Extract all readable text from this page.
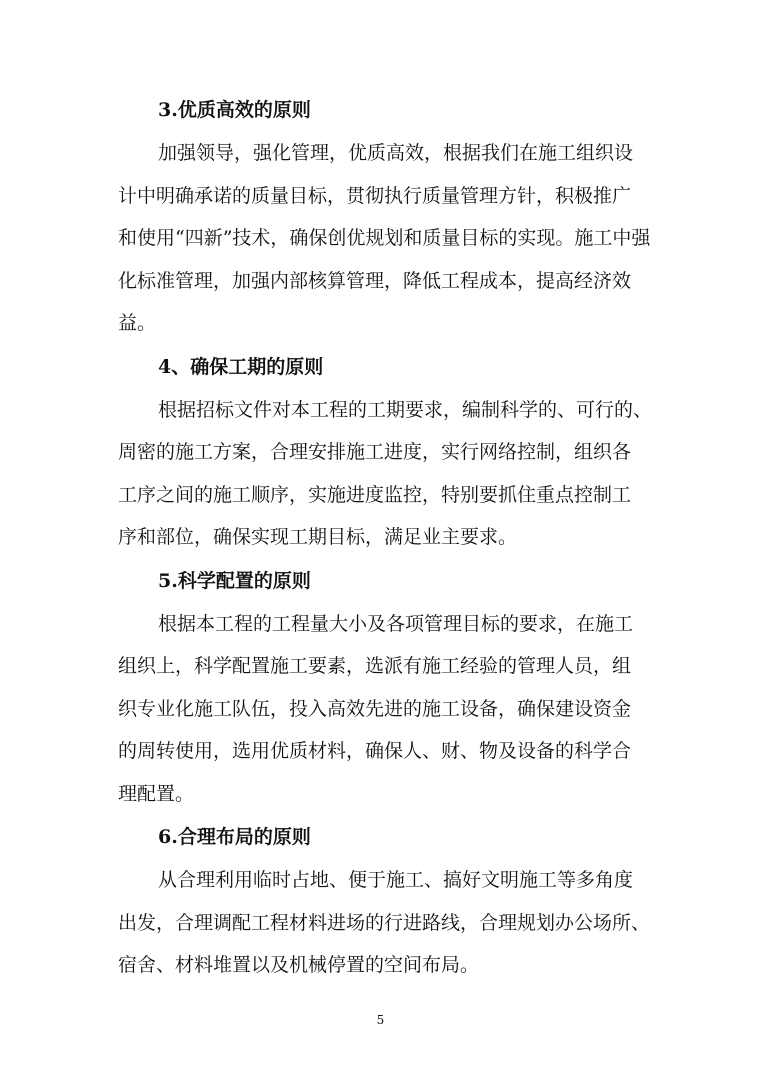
3.优质高效的原则

加强领导，强化管理，优质高效，根据我们在施工组织设
计中明确承诺的质量目标，贯彻执行质量管理方针，积极推广
和使用“四新”技术，确保创优规划和质量目标的实现。施工中强
化标准管理，加强内部核算管理，降低工程成本，提高经济效
益。

4、确保工期的原则

根据招标文件对本工程的工期要求，编制科学的、可行的、
周密的施工方案，合理安排施工进度，实行网络控制，组织各
工序之间的施工顺序，实施进度监控，特别要抓住重点控制工
序和部位，确保实现工期目标，满足业主要求。

5.科学配置的原则

根据本工程的工程量大小及各项管理目标的要求，在施工
组织上，科学配置施工要素，选派有施工经验的管理人员，组
织专业化施工队伍，投入高效先进的施工设备，确保建设资金
的周转使用，选用优质材料，确保人、财、物及设备的科学合
理配置。

6.合理布局的原则

从合理利用临时占地、便于施工、搞好文明施工等多角度
出发，合理调配工程材料进场的行进路线，合理规划办公场所、
宿舍、材料堆置以及机械停置的空间布局。

5
